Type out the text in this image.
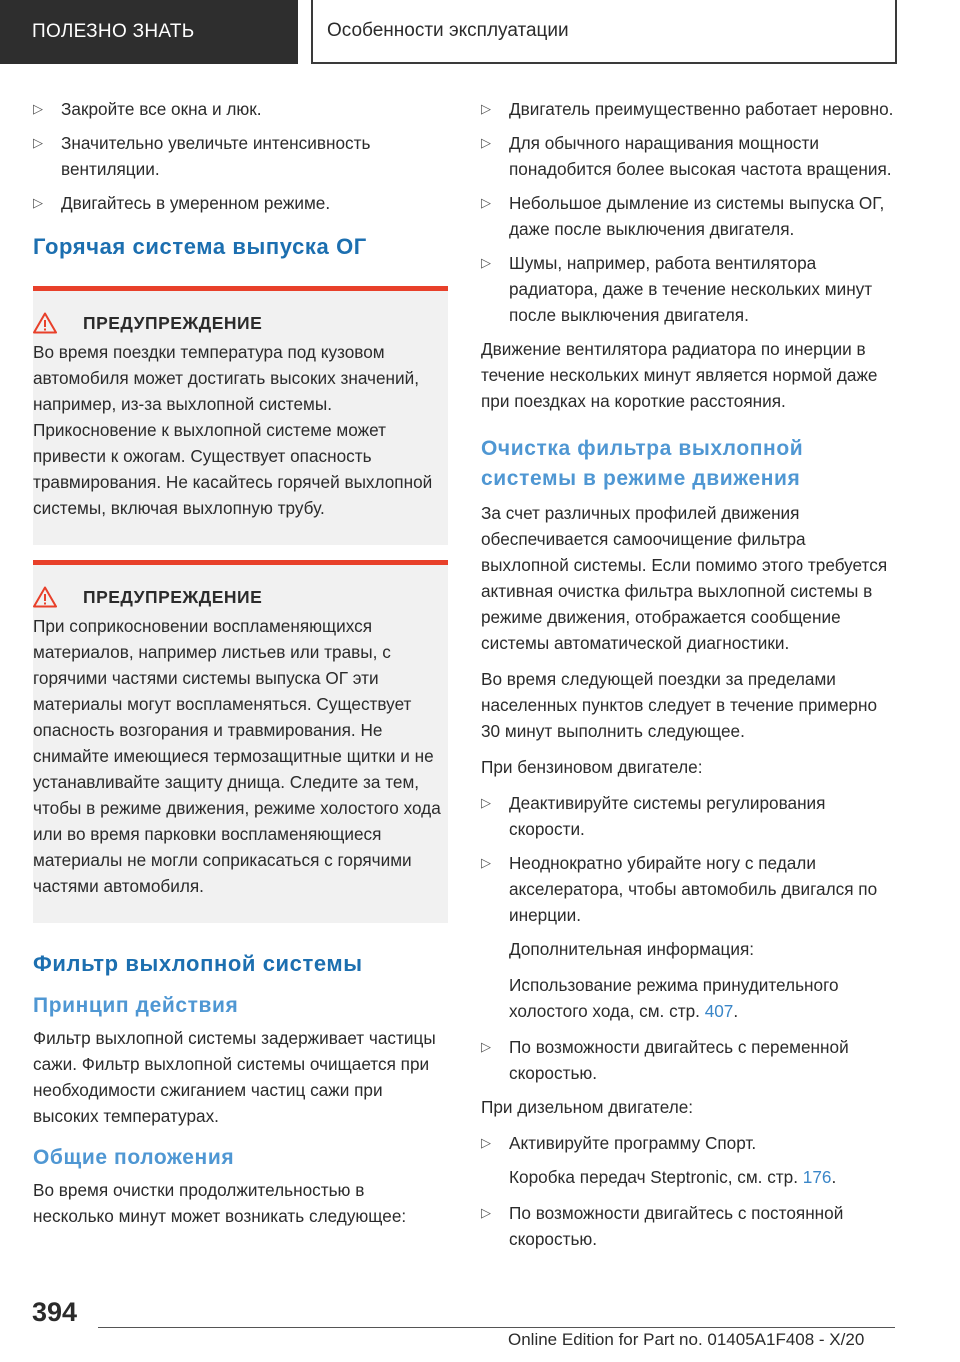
ПОЛЕЗНО ЗНАТЬ	Особенности эксплуатации
▷ Закройте все окна и люк.
▷ Значительно увеличьте интенсивность вентиляции.
▷ Двигайтесь в умеренном режиме.
Горячая система выпуска ОГ
ПРЕДУПРЕЖДЕНИЕ
Во время поездки температура под кузовом автомобиля может достигать высоких значений, например, из-за выхлопной системы. Прикосновение к выхлопной системе может привести к ожогам. Существует опасность травмирования. Не касайтесь горячей выхлопной системы, включая выхлопную трубу.
ПРЕДУПРЕЖДЕНИЕ
При соприкосновении воспламеняющихся материалов, например листьев или травы, с горячими частями системы выпуска ОГ эти материалы могут воспламеняться. Существует опасность возгорания и травмирования. Не снимайте имеющиеся термозащитные щитки и не устанавливайте защиту днища. Следите за тем, чтобы в режиме движения, режиме холостого хода или во время парковки воспламеняющиеся материалы не могли соприкасаться с горячими частями автомобиля.
Фильтр выхлопной системы
Принцип действия
Фильтр выхлопной системы задерживает частицы сажи. Фильтр выхлопной системы очищается при необходимости сжиганием частиц сажи при высоких температурах.
Общие положения
Во время очистки продолжительностью в несколько минут может возникать следующее:
▷ Двигатель преимущественно работает неровно.
▷ Для обычного наращивания мощности понадобится более высокая частота вращения.
▷ Небольшое дымление из системы выпуска ОГ, даже после выключения двигателя.
▷ Шумы, например, работа вентилятора радиатора, даже в течение нескольких минут после выключения двигателя.
Движение вентилятора радиатора по инерции в течение нескольких минут является нормой даже при поездках на короткие расстояния.
Очистка фильтра выхлопной системы в режиме движения
За счет различных профилей движения обеспечивается самоочищение фильтра выхлопной системы. Если помимо этого требуется активная очистка фильтра выхлопной системы в режиме движения, отображается сообщение системы автоматической диагностики.
Во время следующей поездки за пределами населенных пунктов следует в течение примерно 30 минут выполнить следующее.
При бензиновом двигателе:
▷ Деактивируйте системы регулирования скорости.
▷ Неоднократно убирайте ногу с педали акселератора, чтобы автомобиль двигался по инерции.
Дополнительная информация:
Использование режима принудительного холостого хода, см. стр. 407.
▷ По возможности двигайтесь с переменной скоростью.
При дизельном двигателе:
▷ Активируйте программу Спорт.
Коробка передач Steptronic, см. стр. 176.
▷ По возможности двигайтесь с постоянной скоростью.
394
Online Edition for Part no. 01405A1F408 - X/20
